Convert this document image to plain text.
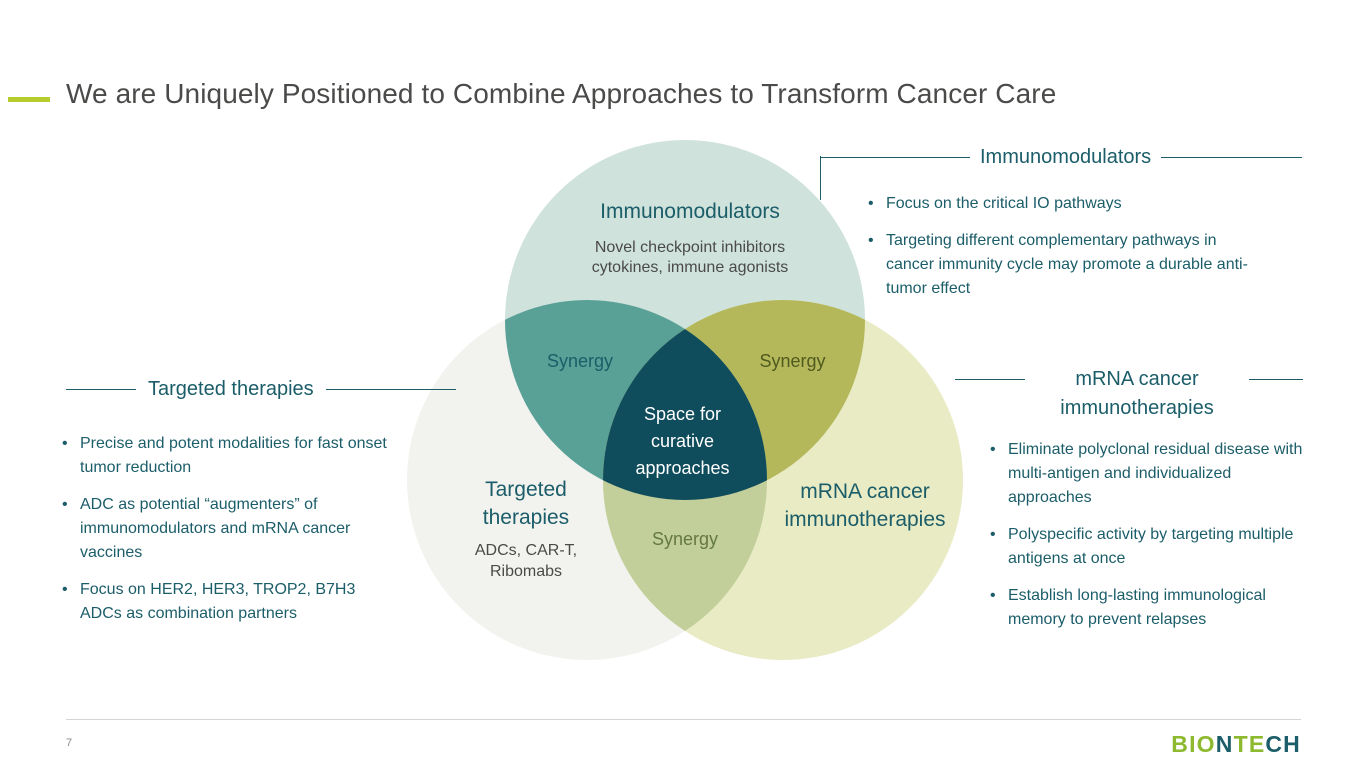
We are Uniquely Positioned to Combine Approaches to Transform Cancer Care
Immunomodulators
Novel checkpoint inhibitors
cytokines, immune agonists
Targeted
therapies
ADCs, CAR-T,
Ribomabs
mRNA cancer
immunotherapies
Synergy	Synergy
Synergy
Space for curative approaches
Immunomodulators
• Focus on the critical IO pathways
• Targeting different complementary pathways in cancer immunity cycle may promote a durable anti-tumor effect
Targeted therapies
• Precise and potent modalities for fast onset tumor reduction
• ADC as potential “augmenters” of immunomodulators and mRNA cancer vaccines
• Focus on HER2, HER3, TROP2, B7H3 ADCs as combination partners
mRNA cancer immunotherapies
• Eliminate polyclonal residual disease with multi-antigen and individualized approaches
• Polyspecific activity by targeting multiple antigens at once
• Establish long-lasting immunological memory to prevent relapses
7	BIONTECH
